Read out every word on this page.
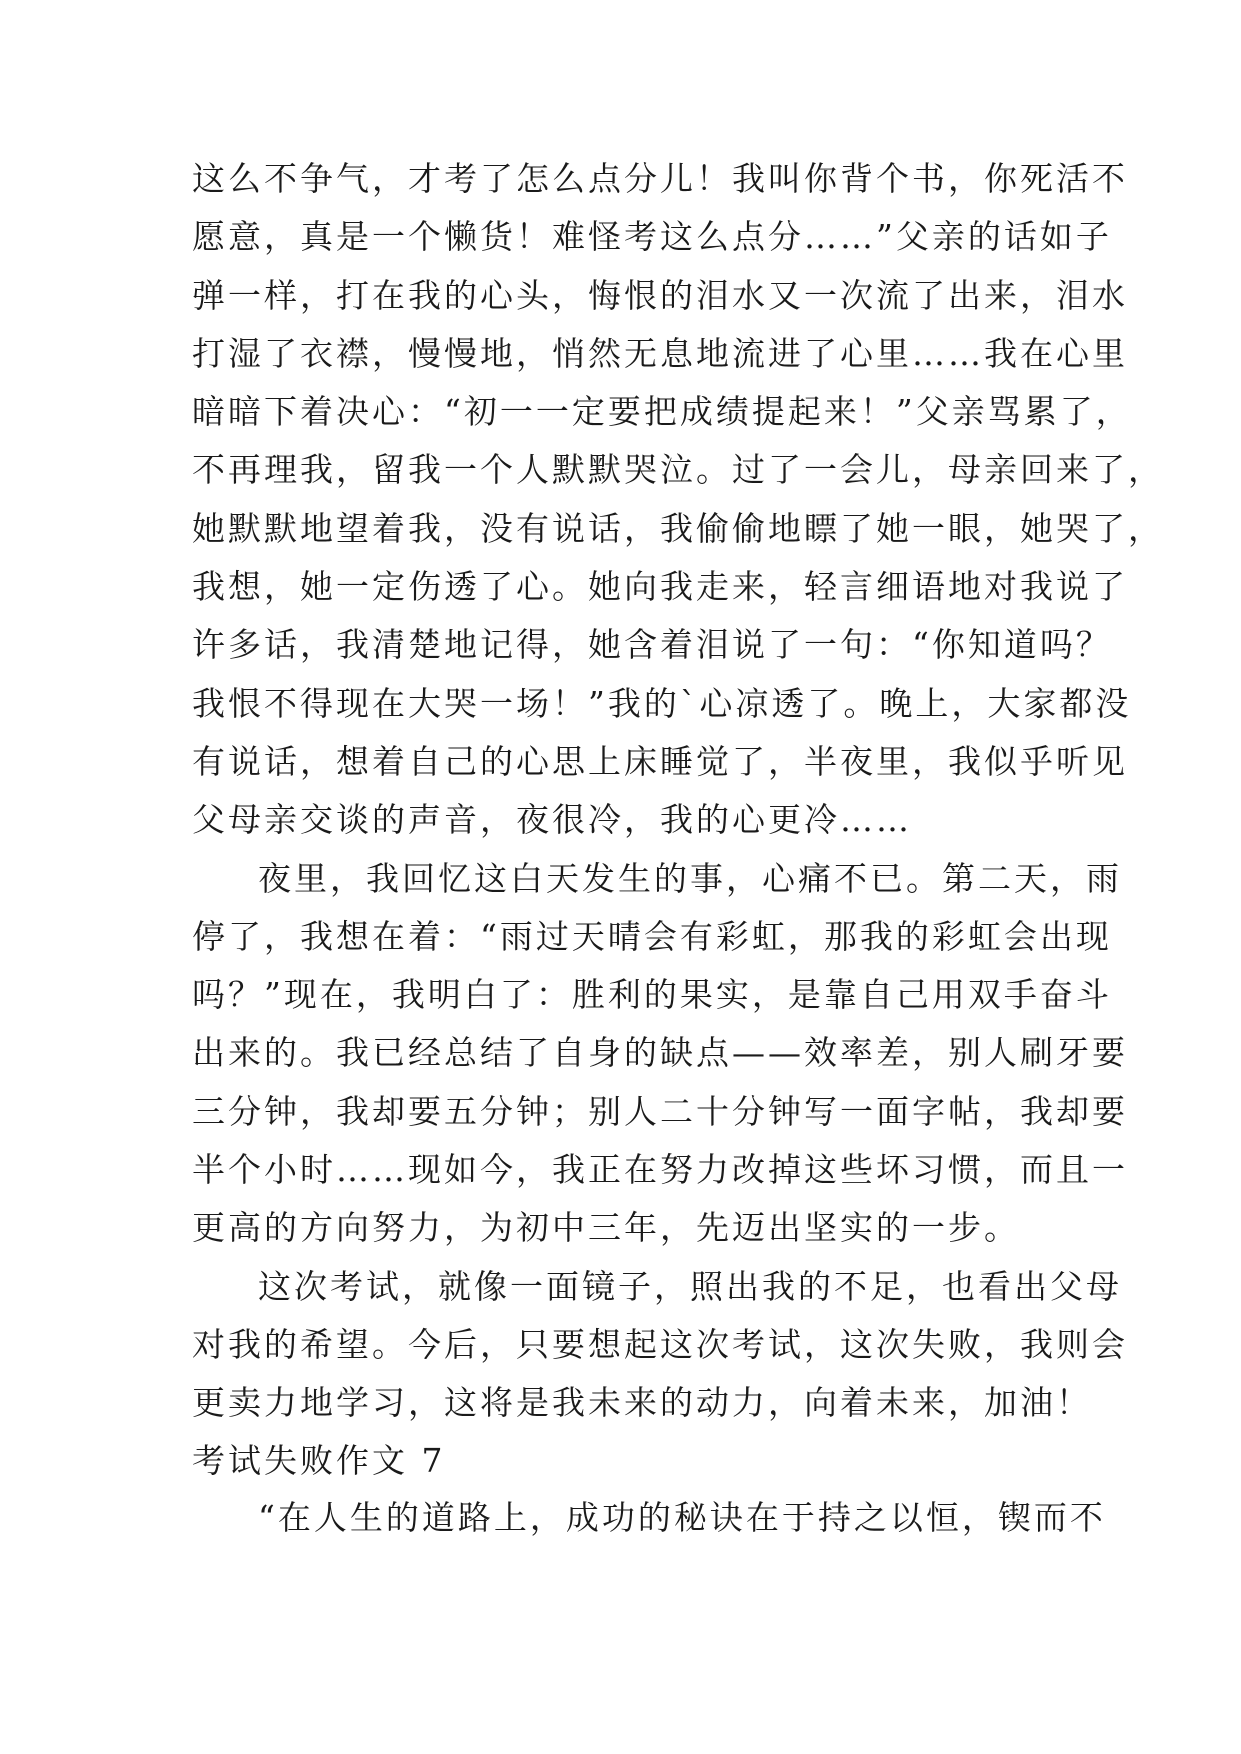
这么不争气，才考了怎么点分儿！我叫你背个书，你死活不
愿意，真是一个懒货！难怪考这么点分……”父亲的话如子
弹一样，打在我的心头，悔恨的泪水又一次流了出来，泪水
打湿了衣襟，慢慢地，悄然无息地流进了心里……我在心里
暗暗下着决心：“初一一定要把成绩提起来！”父亲骂累了，
不再理我，留我一个人默默哭泣。过了一会儿，母亲回来了，
她默默地望着我，没有说话，我偷偷地瞟了她一眼，她哭了，
我想，她一定伤透了心。她向我走来，轻言细语地对我说了
许多话，我清楚地记得，她含着泪说了一句：“你知道吗？
我恨不得现在大哭一场！”我的`心凉透了。晚上，大家都没
有说话，想着自己的心思上床睡觉了，半夜里，我似乎听见
父母亲交谈的声音，夜很冷，我的心更冷……
夜里，我回忆这白天发生的事，心痛不已。第二天，雨
停了，我想在着：“雨过天晴会有彩虹，那我的彩虹会出现
吗？”现在，我明白了：胜利的果实，是靠自己用双手奋斗
出来的。我已经总结了自身的缺点——效率差，别人刷牙要
三分钟，我却要五分钟；别人二十分钟写一面字帖，我却要
半个小时……现如今，我正在努力改掉这些坏习惯，而且一
更高的方向努力，为初中三年，先迈出坚实的一步。
这次考试，就像一面镜子，照出我的不足，也看出父母
对我的希望。今后，只要想起这次考试，这次失败，我则会
更卖力地学习，这将是我未来的动力，向着未来，加油！
考试失败作文 7
“在人生的道路上，成功的秘诀在于持之以恒，锲而不
